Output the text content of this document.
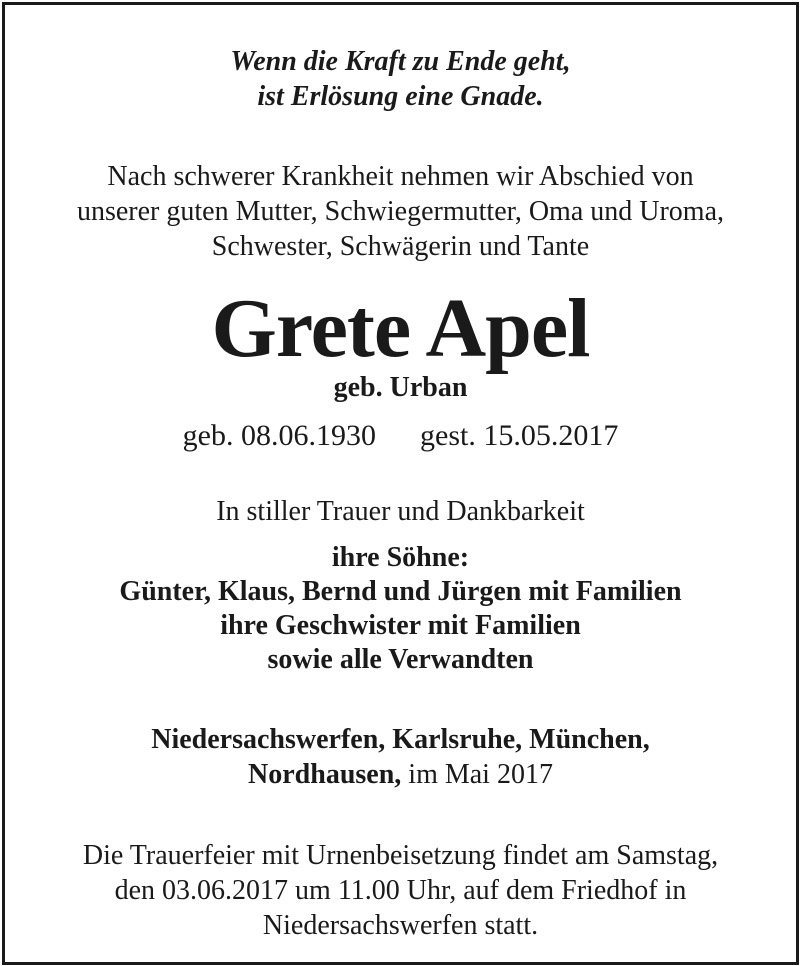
Wenn die Kraft zu Ende geht,
ist Erlösung eine Gnade.
Nach schwerer Krankheit nehmen wir Abschied von
unserer guten Mutter, Schwiegermutter, Oma und Uroma,
Schwester, Schwägerin und Tante
Grete Apel
geb. Urban
geb. 08.06.1930 gest. 15.05.2017
In stiller Trauer und Dankbarkeit
ihre Söhne:
Günter, Klaus, Bernd und Jürgen mit Familien
ihre Geschwister mit Familien
sowie alle Verwandten
Niedersachswerfen, Karlsruhe, München,
Nordhausen, im Mai 2017
Die Trauerfeier mit Urnenbeisetzung findet am Samstag,
den 03.06.2017 um 11.00 Uhr, auf dem Friedhof in
Niedersachswerfen statt.
